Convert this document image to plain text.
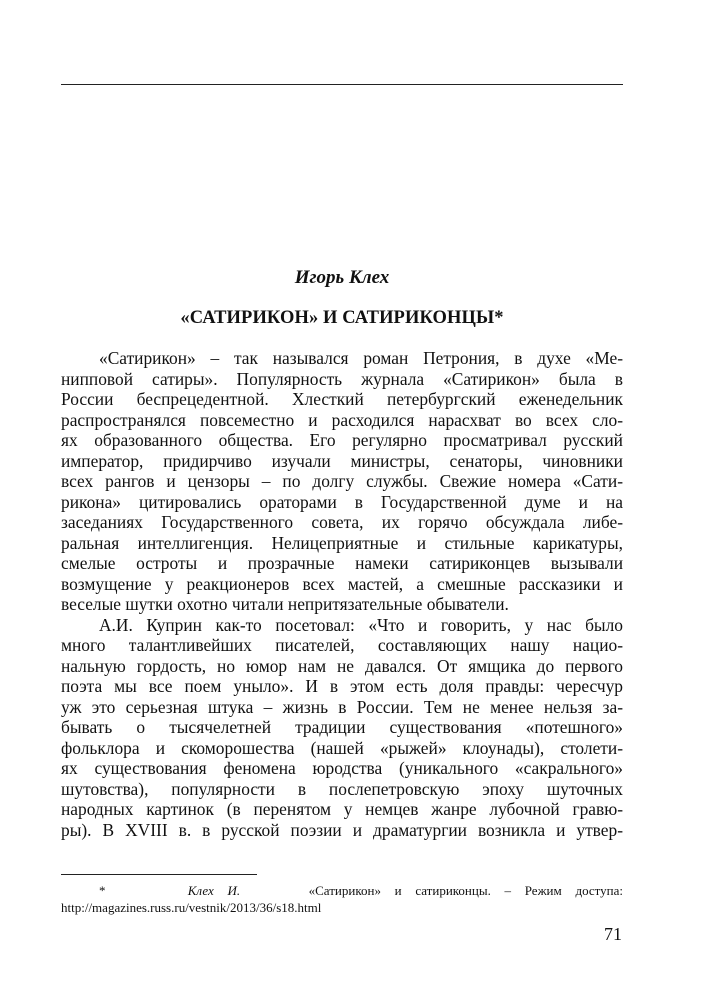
Игорь Клех
«САТИРИКОН» И САТИРИКОНЦЫ*

«Сатирикон» – так назывался роман Петрония, в духе «Ме-

нипповой сатиры». Популярность журнала «Сатирикон» была в

России беспрецедентной. Хлесткий петербургский еженедельник

распространялся повсеместно и расходился нарасхват во всех сло-

ях образованного общества. Его регулярно просматривал русский

император, придирчиво изучали министры, сенаторы, чиновники

всех рангов и цензоры – по долгу службы. Свежие номера «Сати-

рикона» цитировались ораторами в Государственной думе и на

заседаниях Государственного совета, их горячо обсуждала либе-

ральная интеллигенция. Нелицеприятные и стильные карикатуры,

смелые остроты и прозрачные намеки сатириконцев вызывали

возмущение у реакционеров всех мастей, а смешные рассказики и

веселые шутки охотно читали непритязательные обыватели.

А.И. Куприн как-то посетовал: «Что и говорить, у нас было

много талантливейших писателей, составляющих нашу нацио-

нальную гордость, но юмор нам не давался. От ямщика до первого

поэта мы все поем уныло». И в этом есть доля правды: чересчур

уж это серьезная штука – жизнь в России. Тем не менее нельзя за-

бывать о тысячелетней традиции существования «потешного»

фольклора и скоморошества (нашей «рыжей» клоунады), столети-

ях существования феномена юродства (уникального «сакрального»

шутовства), популярности в послепетровскую эпоху шуточных

народных картинок (в перенятом у немцев жанре лубочной гравю-

ры). В XVIII в. в русской поэзии и драматургии возникла и утвер-

*	Клех И.	«Сатирикон» и сатириконцы. – Режим доступа:
http://magazines.russ.ru/vestnik/2013/36/s18.html
71
